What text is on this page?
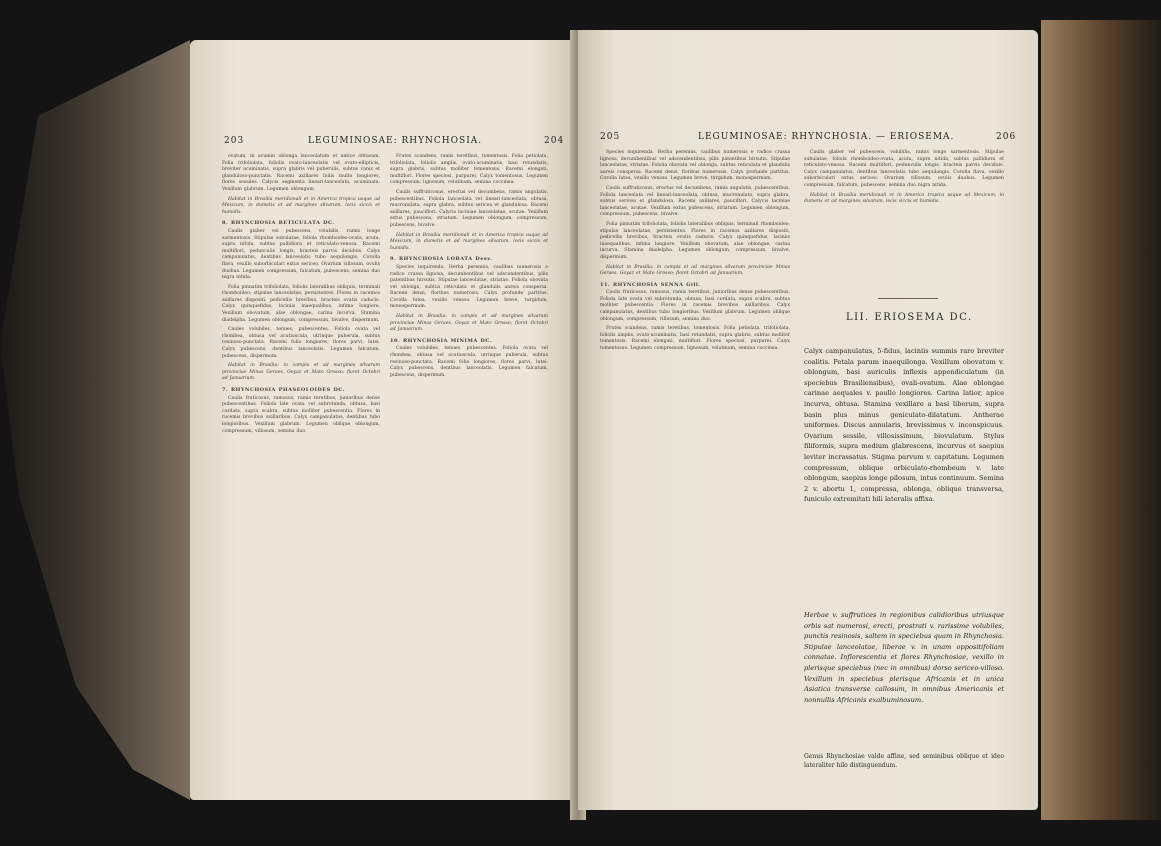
203	LEGUMINOSAE: RHYNCHOSIA.	204

ovatum, in acumin oblonga lanceolatum et antice obtusum. Folia trifoliolata, foliolis ovato-lanceolatis vel ovato-ellipticis, breviter acuminatis, supra glabris vel puberulis, subtus canis et glanduloso-punctatis. Racemi axillares foliis multo longiores, flores sessiles. Calycis segmenta lineari-lanceolata, acuminata. Vexillum glabrum. Legumen oblongum.

Habitat in Brasilia meridionali et in America tropica usque ad Mexicum, in dumetis et ad margines silvarum, locis siccis et humidis.

8. RHYNCHOSIA RETICULATA DC.

Caulis glaber vel pubescens, volubilis, ramis longe sarmentosis. Stipulae subulatae, foliola rhomboideo-ovata, acuta, supra nitida, subtus pallidiora et reticulato-venosa. Racemi multiflori, pedunculis longis, bracteis parvis deciduis. Calyx campanulatus, dentibus lanceolatis tubo aequilongis. Corolla flava, vexillo suborbiculari extus sericeo. Ovarium villosum, ovulis duobus. Legumen compressum, falcatum, pubescens, semina duo nigra nitida.

Folia pinnatim trifoliolata, foliolis lateralibus obliquis, terminali rhomboideo; stipulae lanceolatae, persistentes. Flores in racemos axillares dispositi, pedicellis brevibus, bracteis ovatis caducis. Calyx quinquefidus, laciniis inaequalibus, infima longiore. Vexillum obovatum, alae oblongae, carina incurva. Stamina diadelpha. Legumen oblongum, compressum, bivalve, dispermum.

Caules volubiles, tenues, pubescentes. Foliola ovata vel rhombea, obtusa vel acutiuscula, utrinque puberula, subtus resinoso-punctata. Racemi folio longiores, flores parvi, lutei. Calyx pubescens, dentibus lanceolatis. Legumen falcatum, pubescens, dispermum.

Habitat in Brasilia: in campis et ad margines silvarum provinciae Minas Geraes, Goyaz et Mato Grosso; floret Octobri ad Januarium.

7. RHYNCHOSIA PHASEOLOIDES DC.

Caulis fruticosus, ramosus, ramis teretibus, junioribus dense pubescentibus. Foliola late ovata vel subrotunda, obtusa, basi cordata, supra scabra, subtus molliter pubescentia. Flores in racemis brevibus axillaribus. Calyx campanulatus, dentibus tubo longioribus. Vexillum glabrum. Legumen oblique oblongum, compressum, villosum, semina duo.

Frutex scandens, ramis teretibus, tomentosis. Folia petiolata, trifoliolata, foliolis amplis, ovato-acuminatis, basi rotundatis, supra glabris, subtus molliter tomentosis. Racemi elongati, multiflori. Flores speciosi, purpurei. Calyx tomentosus. Legumen compressum, lignosum, velutinum, semina coccinea.

Caulis suffruticosus, erectus vel decumbens, ramis angulatis, pubescentibus. Foliola lanceolata vel lineari-lanceolata, obtusa, mucronulata, supra glabra, subtus sericea et glandulosa. Racemi axillares, pauciflori. Calycis laciniae lanceolatae, acutae. Vexillum extus pubescens, striatum. Legumen oblongum, compressum, pubescens, bivalve.

Habitat in Brasilia meridionali et in America tropica usque ad Mexicum, in dumetis et ad margines silvarum, locis siccis et humidis.

9. RHYNCHOSIA LOBATA Desv.

Species inquirenda. Herba perennis, caulibus numerosis e radice crassa lignosa, decumbentibus vel adscendentibus, pilis patentibus hirsutis. Stipulae lanceolatae, striatae. Foliola obovata vel oblonga, subtus reticulata et glandulis aureis conspersa. Racemi densi, floribus numerosis. Calyx profunde partitus. Corolla lutea, vexillo venoso. Legumen breve, turgidum, monospermum.

Habitat in Brasilia: in campis et ad margines silvarum provinciae Minas Geraes, Goyaz et Mato Grosso; floret Octobri ad Januarium.

10. RHYNCHOSIA MINIMA DC.

Caules volubiles, tenues, pubescentes. Foliola ovata vel rhombea, obtusa vel acutiuscula, utrinque puberula, subtus resinoso-punctata. Racemi folio longiores, flores parvi, lutei. Calyx pubescens, dentibus lanceolatis. Legumen falcatum, pubescens, dispermum.

205	LEGUMINOSAE: RHYNCHOSIA. — ERIOSEMA.	206

Species inquirenda. Herba perennis, caulibus numerosis e radice crassa lignosa, decumbentibus vel adscendentibus, pilis patentibus hirsutis. Stipulae lanceolatae, striatae. Foliola obovata vel oblonga, subtus reticulata et glandulis aureis conspersa. Racemi densi, floribus numerosis. Calyx profunde partitus. Corolla lutea, vexillo venoso. Legumen breve, turgidum, monospermum.

Caulis suffruticosus, erectus vel decumbens, ramis angulatis, pubescentibus. Foliola lanceolata vel lineari-lanceolata, obtusa, mucronulata, supra glabra, subtus sericea et glandulosa. Racemi axillares, pauciflori. Calycis laciniae lanceolatae, acutae. Vexillum extus pubescens, striatum. Legumen oblongum, compressum, pubescens, bivalve.

Folia pinnatim trifoliolata, foliolis lateralibus obliquis, terminali rhomboideo; stipulae lanceolatae, persistentes. Flores in racemos axillares dispositi, pedicellis brevibus, bracteis ovatis caducis. Calyx quinquefidus, laciniis inaequalibus, infima longiore. Vexillum obovatum, alae oblongae, carina incurva. Stamina diadelpha. Legumen oblongum, compressum, bivalve, dispermum.

Habitat in Brasilia: in campis et ad margines silvarum provinciae Minas Geraes, Goyaz et Mato Grosso; floret Octobri ad Januarium.

11. RHYNCHOSIA SENNA Gill.

Caulis fruticosus, ramosus, ramis teretibus, junioribus dense pubescentibus. Foliola late ovata vel subrotunda, obtusa, basi cordata, supra scabra, subtus molliter pubescentia. Flores in racemis brevibus axillaribus. Calyx campanulatus, dentibus tubo longioribus. Vexillum glabrum. Legumen oblique oblongum, compressum, villosum, semina duo.

Frutex scandens, ramis teretibus, tomentosis. Folia petiolata, trifoliolata, foliolis amplis, ovato-acuminatis, basi rotundatis, supra glabris, subtus molliter tomentosis. Racemi elongati, multiflori. Flores speciosi, purpurei. Calyx tomentosus. Legumen compressum, lignosum, velutinum, semina coccinea.

Caulis glaber vel pubescens, volubilis, ramis longe sarmentosis. Stipulae subulatae, foliola rhomboideo-ovata, acuta, supra nitida, subtus pallidiora et reticulato-venosa. Racemi multiflori, pedunculis longis, bracteis parvis deciduis. Calyx campanulatus, dentibus lanceolatis tubo aequilongis. Corolla flava, vexillo suborbiculari extus sericeo. Ovarium villosum, ovulis duobus. Legumen compressum, falcatum, pubescens, semina duo nigra nitida.

Habitat in Brasilia meridionali et in America tropica usque ad Mexicum, in dumetis et ad margines silvarum, locis siccis et humidis.

LII. ERIOSEMA DC.
Calyx campanulatus, 5-fidus, laciniis summis raro breviter coalitis. Petala parum inaequilonga. Vexillum obovatum v. oblongum, basi auriculis inflexis appendiculatum (in speciebus Brasiliensibus), ovali-ovatum. Alae oblongae carinae aequales v. paullo longiores. Carina latior, apice incurva, obtusa. Stamina vexillare a basi liberum, supra basin plus minus geniculato-dilatatum. Antherae uniformes. Discus annularis, brevissimus v. inconspicuus. Ovarium sessile, villosissimum, biovulatum. Stylus filiformis, supra medium glabrescens, incurvus et saepius leviter incrassatus. Stigma parvum v. capitatum. Legumen compressum, oblique orbiculato-rhombeum v. late oblongum, saepius longe pilosum, intus continuum. Semina 2 v. abortu 1, compressa, oblonga, oblique transversa, funiculo extremitati hili lateralis affixa.
Herbae v. suffrutices in regionibus calidioribus utriusque orbis sat numerosi, erecti, prostrati v. rarissime volubiles, punctis resinosis, saltem in speciebus quam in Rhynchosia. Stipulae lanceolatae, liberae v. in unam oppositifoliam connatae. Inflorescentia et flores Rhynchosiae, vexillo in plerisque speciebus (nec in omnibus) dorso sericeo-villoso. Vexillum in speciebus plerisque Africanis et in unica Asiatica transverse callosum, in omnibus Americanis et nonnullis Africanis exalbuminosum.
Genus Rhynchosiae valde affine, sed seminibus oblique et ideo lateraliter hilo distinguendum.
